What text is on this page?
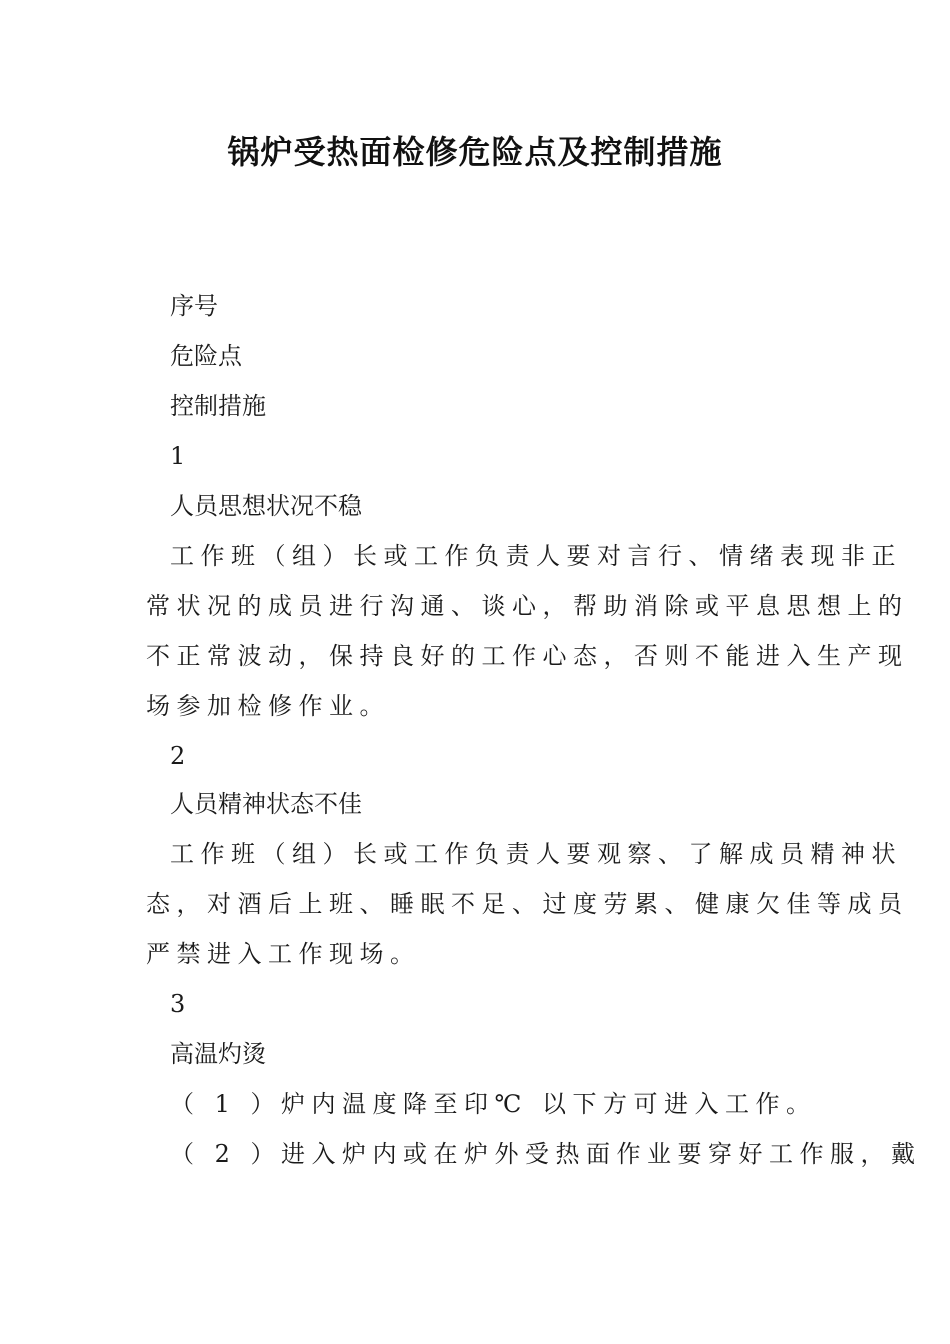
锅炉受热面检修危险点及控制措施
序号
危险点
控制措施
1
人员思想状况不稳
工作班（组）长或工作负责人要对言行、情绪表现非正
常状况的成员进行沟通、谈心，帮助消除或平息思想上的
不正常波动，保持良好的工作心态，否则不能进入生产现
场参加检修作业。
2
人员精神状态不佳
工作班（组）长或工作负责人要观察、了解成员精神状
态，对酒后上班、睡眠不足、过度劳累、健康欠佳等成员
严禁进入工作现场。
3
高温灼烫
（ 1 ）炉内温度降至印℃ 以下方可进入工作。
（ 2 ）进入炉内或在炉外受热面作业要穿好工作服，戴
